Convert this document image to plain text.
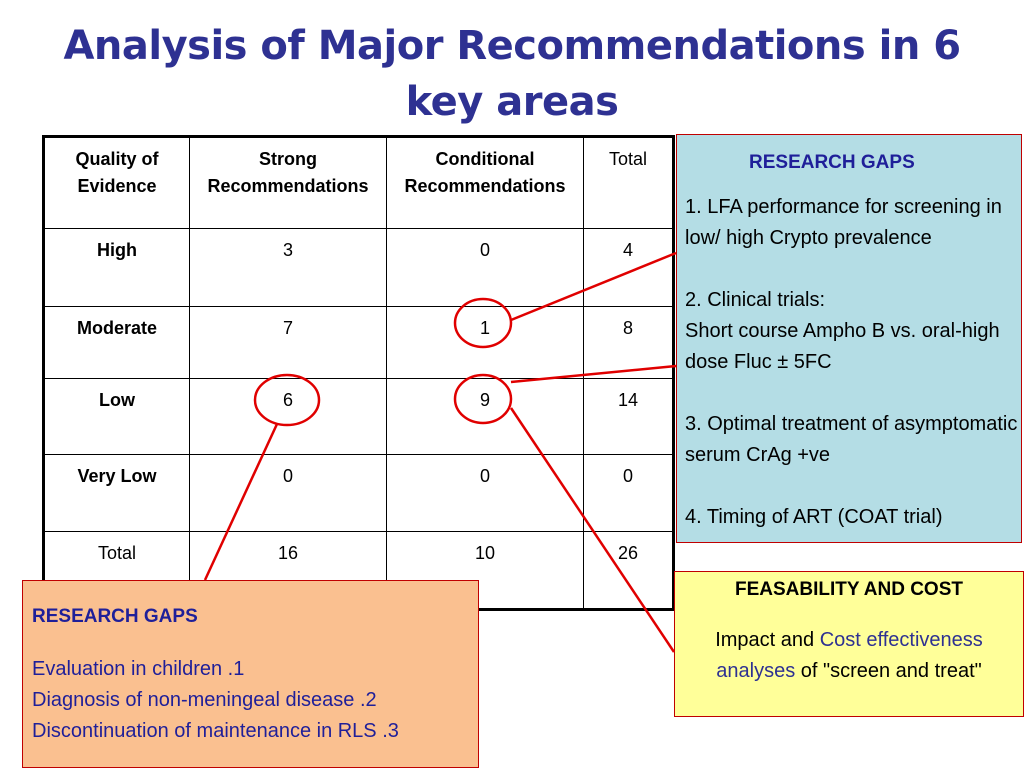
Analysis of Major Recommendations in 6 key areas
Quality of Evidence	Strong Recommendations	Conditional Recommendations	Total
High	3	0	4
Moderate	7	1	8
Low	6	9	14
Very Low	0	0	0
Total	16	10	26
RESEARCH GAPS
1. LFA performance for screening in low/ high Crypto prevalence
2. Clinical trials:
Short course Ampho B vs. oral-high dose Fluc ± 5FC
3. Optimal treatment of asymptomatic serum CrAg +ve
4. Timing of ART (COAT trial)
FEASABILITY AND COST
Impact and Cost effectiveness analyses of "screen and treat"
RESEARCH GAPS
Evaluation in children .1
Diagnosis of non-meningeal disease .2
Discontinuation of maintenance in RLS .3
